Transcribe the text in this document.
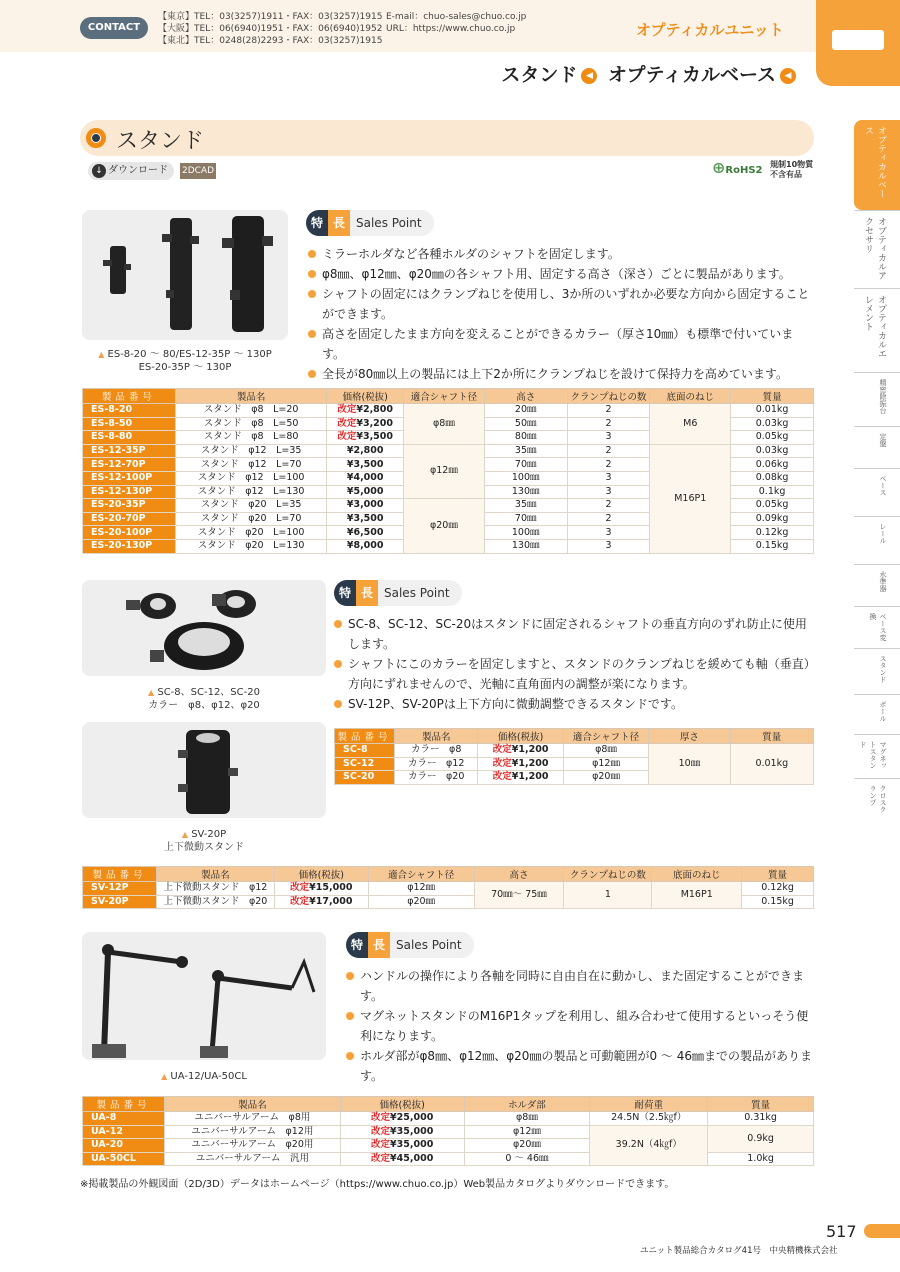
CONTACT
【東京】TEL：03(3257)1911・FAX：03(3257)1915
【大阪】TEL：06(6940)1951・FAX：06(6940)1952
【東北】TEL：0248(28)2293・FAX：03(3257)1915
E-mail：chuo-sales@chuo.co.jp
URL：https://www.chuo.co.jp	オプティカルユニット
スタンド ◀ オプティカルベース ◀
スタンド
ダウンロード
↓	2DCAD	⊕RoHS2
規制10物質 不含有品
▲ ES-8-20 ～ 80/ES-12-35P ～ 130P
ES-20-35P ～ 130P
特 長 Sales Point
ミラーホルダなど各種ホルダのシャフトを固定します。
φ8㎜、φ12㎜、φ20㎜の各シャフト用、固定する高さ（深さ）ごとに製品があります。
シャフトの固定にはクランプねじを使用し、3か所のいずれか必要な方向から固定することができます。
高さを固定したまま方向を変えることができるカラー（厚さ10㎜）も標準で付いています。
全長が80㎜以上の製品には上下2か所にクランプねじを設けて保持力を高めています。
製品番号	製品名	価格(税抜)	適合シャフト径	高さ	クランプねじの数	底面のねじ	質量
ES-8-20	スタンド　φ8　L=20	改定¥2,800	φ8㎜	20㎜	2	M6	0.01kg
ES-8-50	スタンド　φ8　L=50	改定¥3,200		50㎜	2		0.03kg
ES-8-80	スタンド　φ8　L=80	改定¥3,500		80㎜	3		0.05kg
ES-12-35P	スタンド　φ12　L=35	¥2,800	φ12㎜	35㎜	2	M16P1	0.03kg
ES-12-70P	スタンド　φ12　L=70	¥3,500		70㎜	2		0.06kg
ES-12-100P	スタンド　φ12　L=100	¥4,000		100㎜	3		0.08kg
ES-12-130P	スタンド　φ12　L=130	¥5,000		130㎜	3		0.1kg
ES-20-35P	スタンド　φ20　L=35	¥3,000	φ20㎜	35㎜	2		0.05kg
ES-20-70P	スタンド　φ20　L=70	¥3,500		70㎜	2		0.09kg
ES-20-100P	スタンド　φ20　L=100	¥6,500		100㎜	3		0.12kg
ES-20-130P	スタンド　φ20　L=130	¥8,000		130㎜	3		0.15kg
▲ SC-8、SC-12、SC-20
カラー　φ8、φ12、φ20
▲ SV-20P
上下微動スタンド
特 長 Sales Point
SC-8、SC-12、SC-20はスタンドに固定されるシャフトの垂直方向のずれ防止に使用します。
シャフトにこのカラーを固定しますと、スタンドのクランプねじを緩めても軸（垂直）方向にずれませんので、光軸に直角面内の調整が楽になります。
SV-12P、SV-20Pは上下方向に微動調整できるスタンドです。
製品番号	製品名	価格(税抜)	適合シャフト径	厚さ	質量
SC-8	カラー　φ8	改定¥1,200	φ8㎜	10㎜	0.01kg
SC-12	カラー　φ12	改定¥1,200	φ12㎜		
SC-20	カラー　φ20	改定¥1,200	φ20㎜		
製品番号	製品名	価格(税抜)	適合シャフト径	高さ	クランプねじの数	底面のねじ	質量
SV-12P	上下微動スタンド　φ12	改定¥15,000	φ12㎜	70㎜～ 75㎜	1	M16P1	0.12kg
SV-20P	上下微動スタンド　φ20	改定¥17,000	φ20㎜				0.15kg
▲ UA-12/UA-50CL
特 長 Sales Point
ハンドルの操作により各軸を同時に自由自在に動かし、また固定することができます。
マグネットスタンドのM16P1タップを利用し、組み合わせて使用するといっそう便利になります。
ホルダ部がφ8㎜、φ12㎜、φ20㎜の製品と可動範囲が0 ～ 46㎜までの製品があります。
製品番号	製品名	価格(税抜)	ホルダ部	耐荷重	質量
UA-8	ユニバーサルアーム　φ8用	改定¥25,000	φ8㎜	24.5N（2.5㎏f）	0.31kg
UA-12	ユニバーサルアーム　φ12用	改定¥35,000	φ12㎜	39.2N（4㎏f）	0.9kg
UA-20	ユニバーサルアーム　φ20用	改定¥35,000	φ20㎜		
UA-50CL	ユニバーサルアーム　汎用	改定¥45,000	0 ～ 46㎜		1.0kg
オプティカルベース
オプティカルアクセサリ
オプティカルエレメント
精密除振台
定盤
ベース
レール
水準器
ベース変換
スタンド
ポール
マグネットスタンド
クロスクランプ
※掲載製品の外観図面（2D/3D）データはホームページ（https://www.chuo.co.jp）Web製品カタログよりダウンロードできます。
517
ユニット製品総合カタログ41号　中央精機株式会社
